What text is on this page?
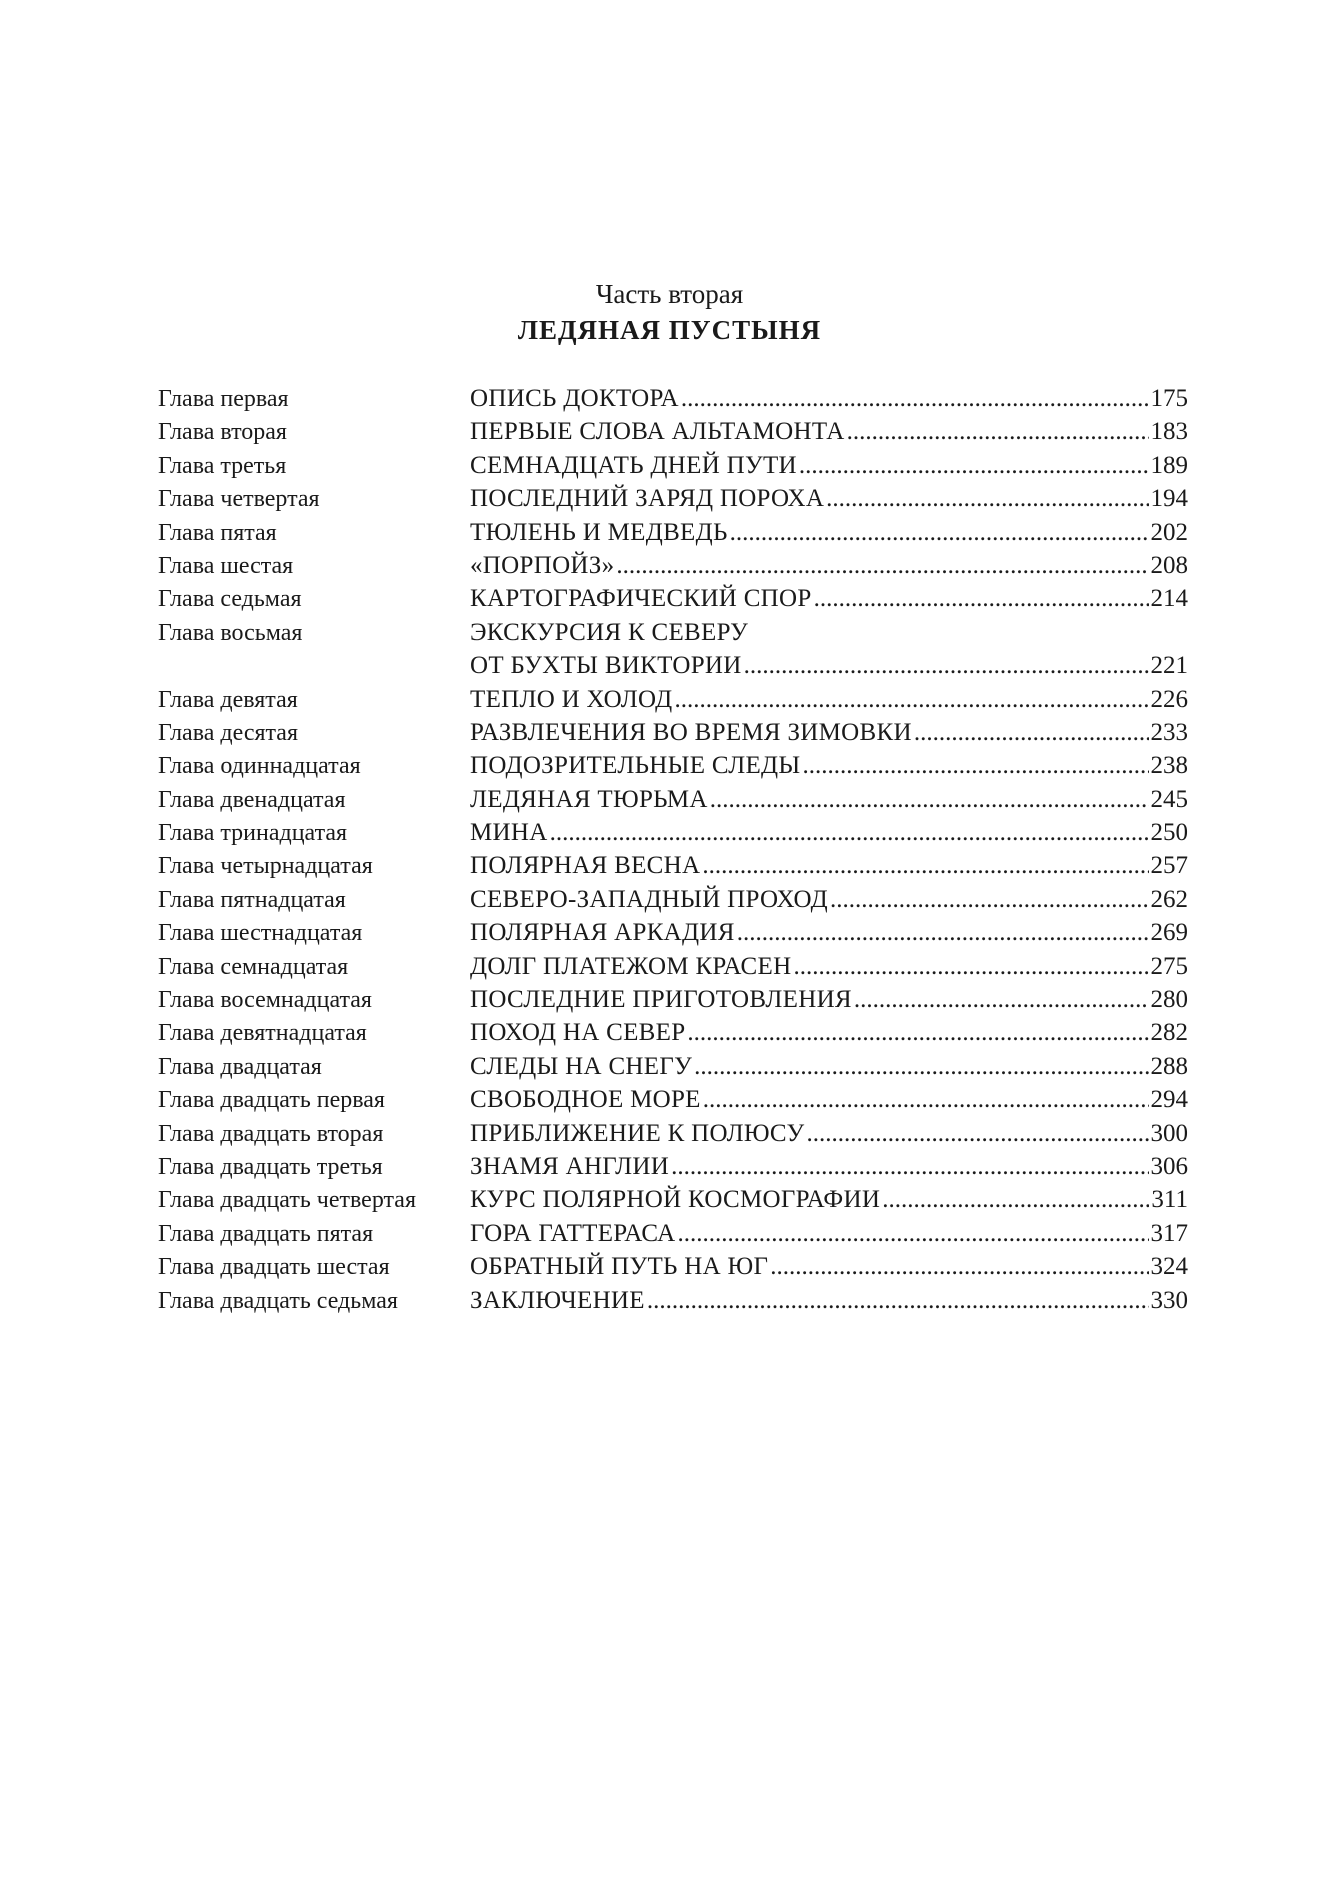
Часть вторая
ЛЕДЯНАЯ ПУСТЫНЯ
Глава первая	ОПИСЬ ДОКТОРА .....	175
Глава вторая	ПЕРВЫЕ СЛОВА АЛЬТАМОНТА .....	183
Глава третья	СЕМНАДЦАТЬ ДНЕЙ ПУТИ .....	189
Глава четвертая	ПОСЛЕДНИЙ ЗАРЯД ПОРОХА .....	194
Глава пятая	ТЮЛЕНЬ И МЕДВЕДЬ .....	202
Глава шестая	«ПОРПОЙЗ» .....	208
Глава седьмая	КАРТОГРАФИЧЕСКИЙ СПОР .....	214
Глава восьмая	ЭКСКУРСИЯ К СЕВЕРУ
ОТ БУХТЫ ВИКТОРИИ .....	221
Глава девятая	ТЕПЛО И ХОЛОД .....	226
Глава десятая	РАЗВЛЕЧЕНИЯ ВО ВРЕМЯ ЗИМОВКИ .....	233
Глава одиннадцатая	ПОДОЗРИТЕЛЬНЫЕ СЛЕДЫ .....	238
Глава двенадцатая	ЛЕДЯНАЯ ТЮРЬМА .....	245
Глава тринадцатая	МИНА .....	250
Глава четырнадцатая	ПОЛЯРНАЯ ВЕСНА .....	257
Глава пятнадцатая	СЕВЕРО-ЗАПАДНЫЙ ПРОХОД .....	262
Глава шестнадцатая	ПОЛЯРНАЯ АРКАДИЯ .....	269
Глава семнадцатая	ДОЛГ ПЛАТЕЖОМ КРАСЕН .....	275
Глава восемнадцатая	ПОСЛЕДНИЕ ПРИГОТОВЛЕНИЯ .....	280
Глава девятнадцатая	ПОХОД НА СЕВЕР .....	282
Глава двадцатая	СЛЕДЫ НА СНЕГУ .....	288
Глава двадцать первая	СВОБОДНОЕ МОРЕ .....	294
Глава двадцать вторая	ПРИБЛИЖЕНИЕ К ПОЛЮСУ .....	300
Глава двадцать третья	ЗНАМЯ АНГЛИИ .....	306
Глава двадцать четвертая	КУРС ПОЛЯРНОЙ КОСМОГРАФИИ .....	311
Глава двадцать пятая	ГОРА ГАТТЕРАСА .....	317
Глава двадцать шестая	ОБРАТНЫЙ ПУТЬ НА ЮГ .....	324
Глава двадцать седьмая	ЗАКЛЮЧЕНИЕ .....	330
